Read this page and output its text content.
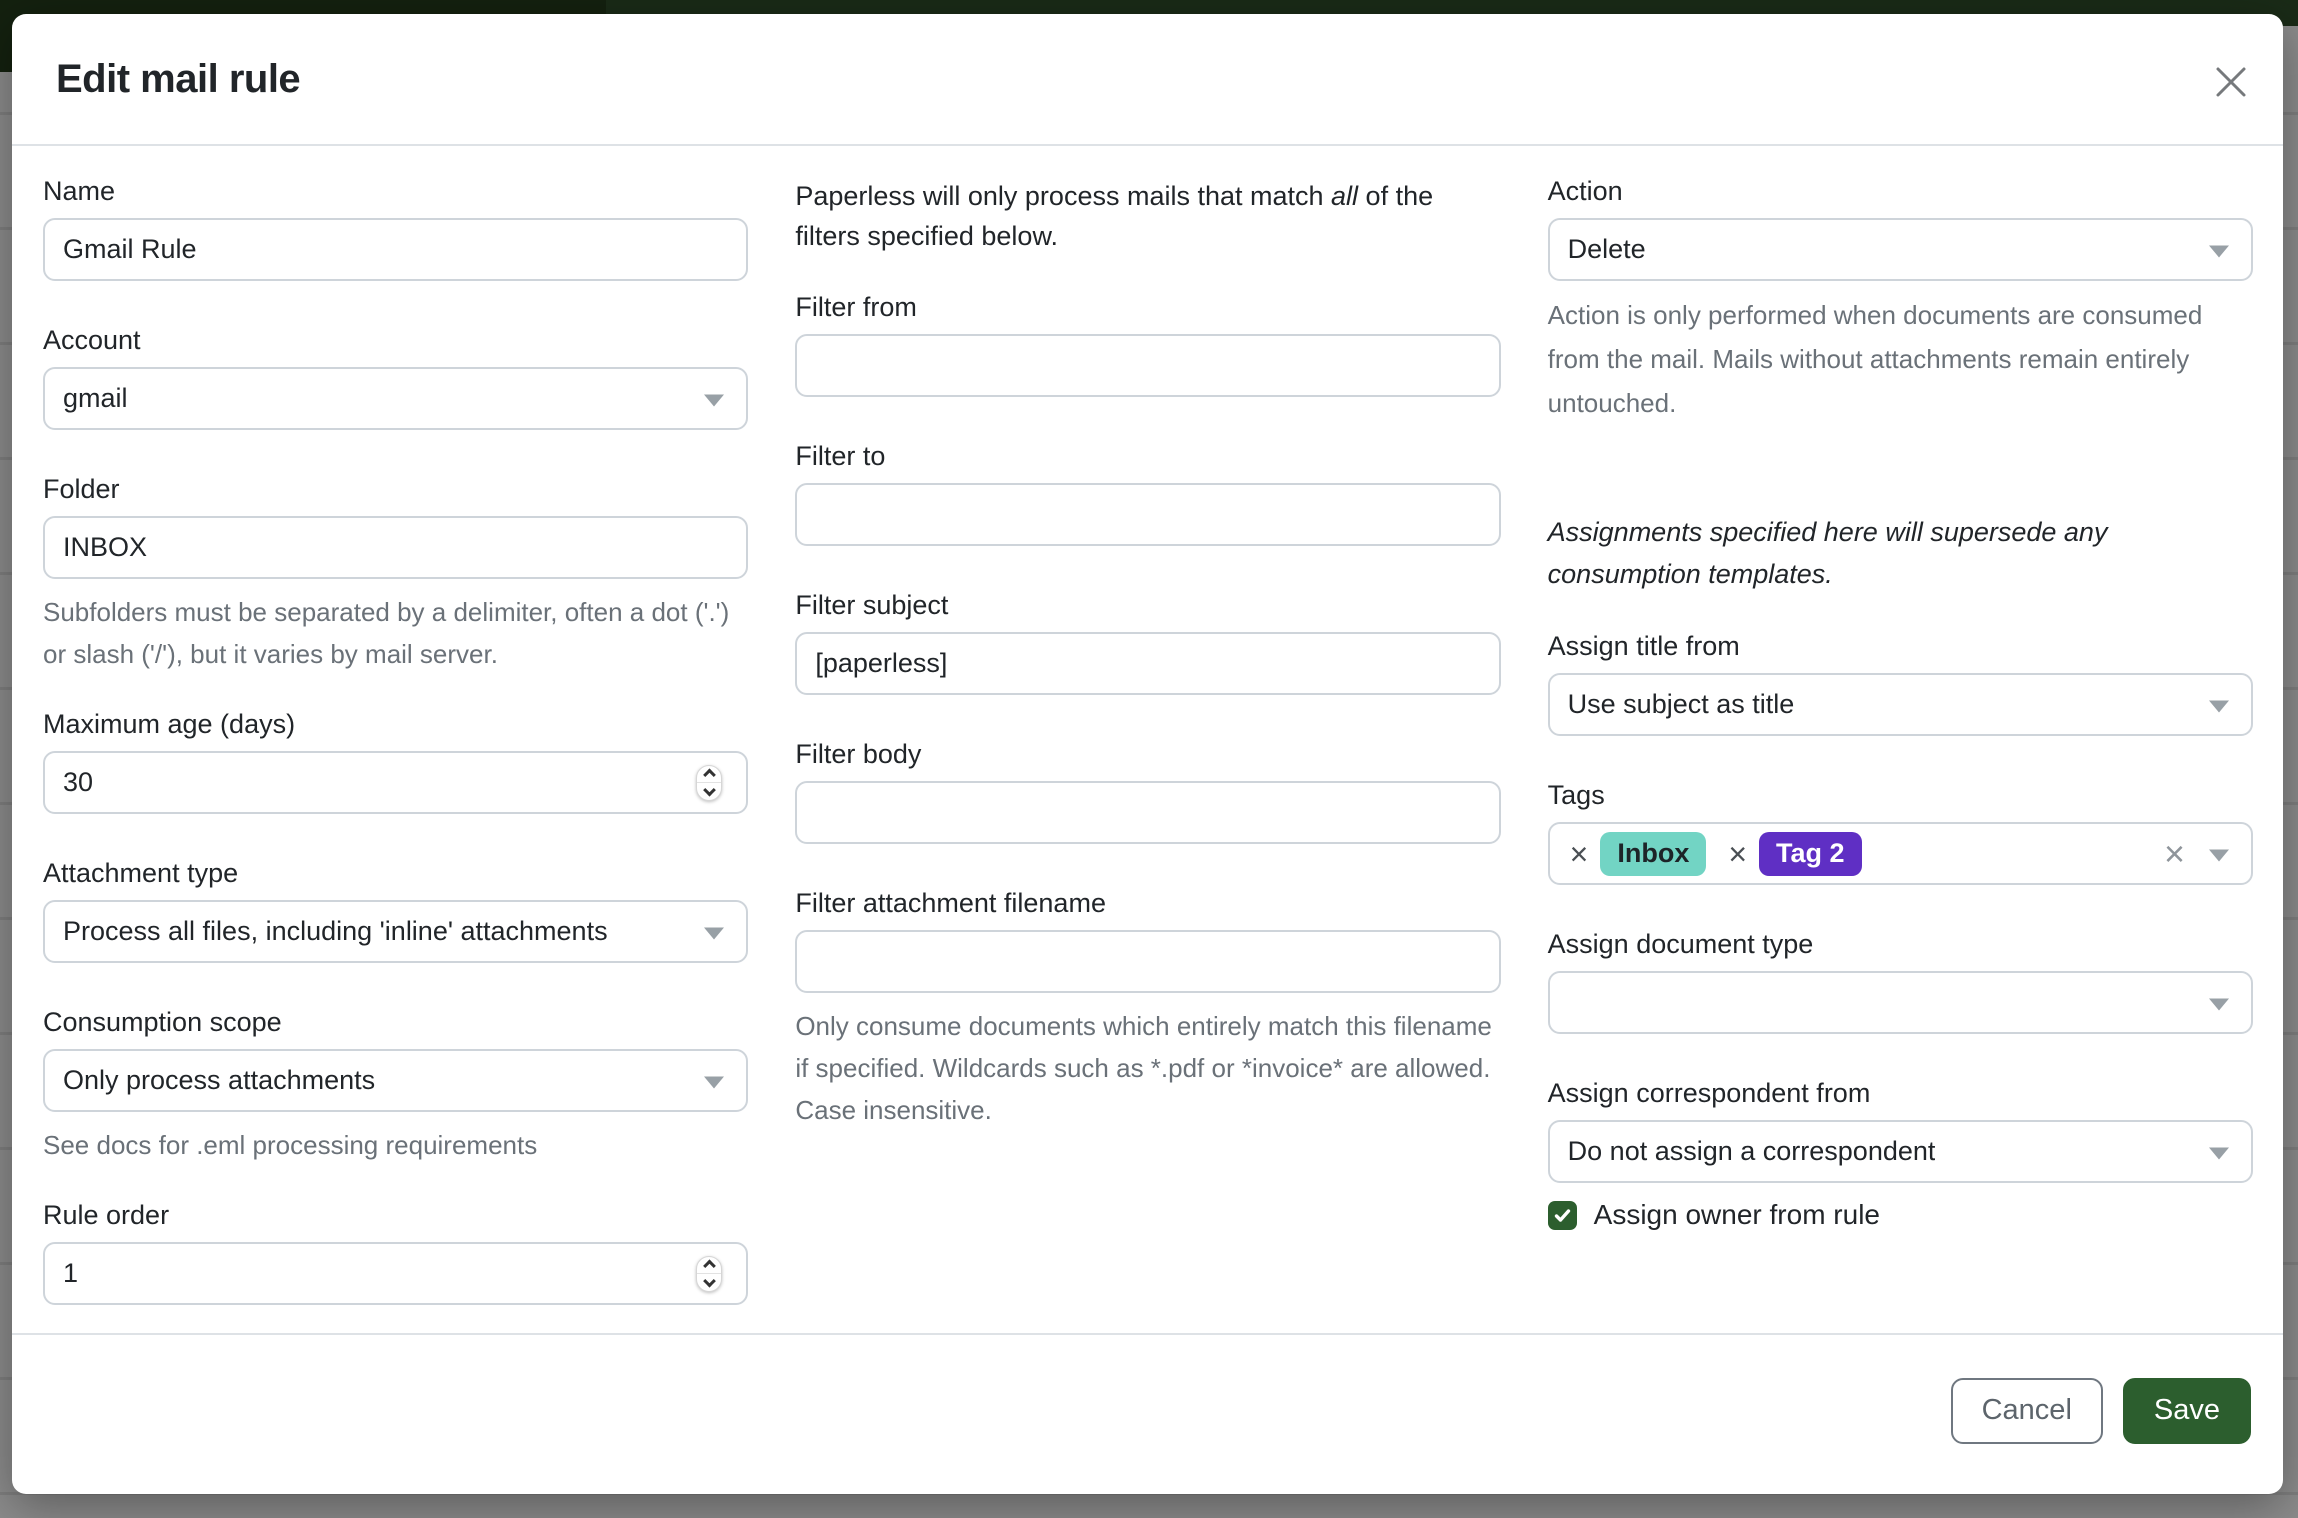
Edit mail rule
Name
Gmail Rule
Account
gmail
Folder
INBOX
Subfolders must be separated by a delimiter, often a dot ('.') or slash ('/'), but it varies by mail server.
Maximum age (days)
30
Attachment type
Process all files, including 'inline' attachments
Consumption scope
Only process attachments
See docs for .eml processing requirements
Rule order
1
Paperless will only process mails that match all of the filters specified below.
Filter from
Filter to
Filter subject
[paperless]
Filter body
Filter attachment filename
Only consume documents which entirely match this filename if specified. Wildcards such as *.pdf or *invoice* are allowed. Case insensitive.
Action
Delete
Action is only performed when documents are consumed from the mail. Mails without attachments remain entirely untouched.
Assignments specified here will supersede any consumption templates.
Assign title from
Use subject as title
Tags
×	Inbox	×	Tag 2	×
Assign document type
Assign correspondent from
Do not assign a correspondent
Assign owner from rule
Cancel	Save
